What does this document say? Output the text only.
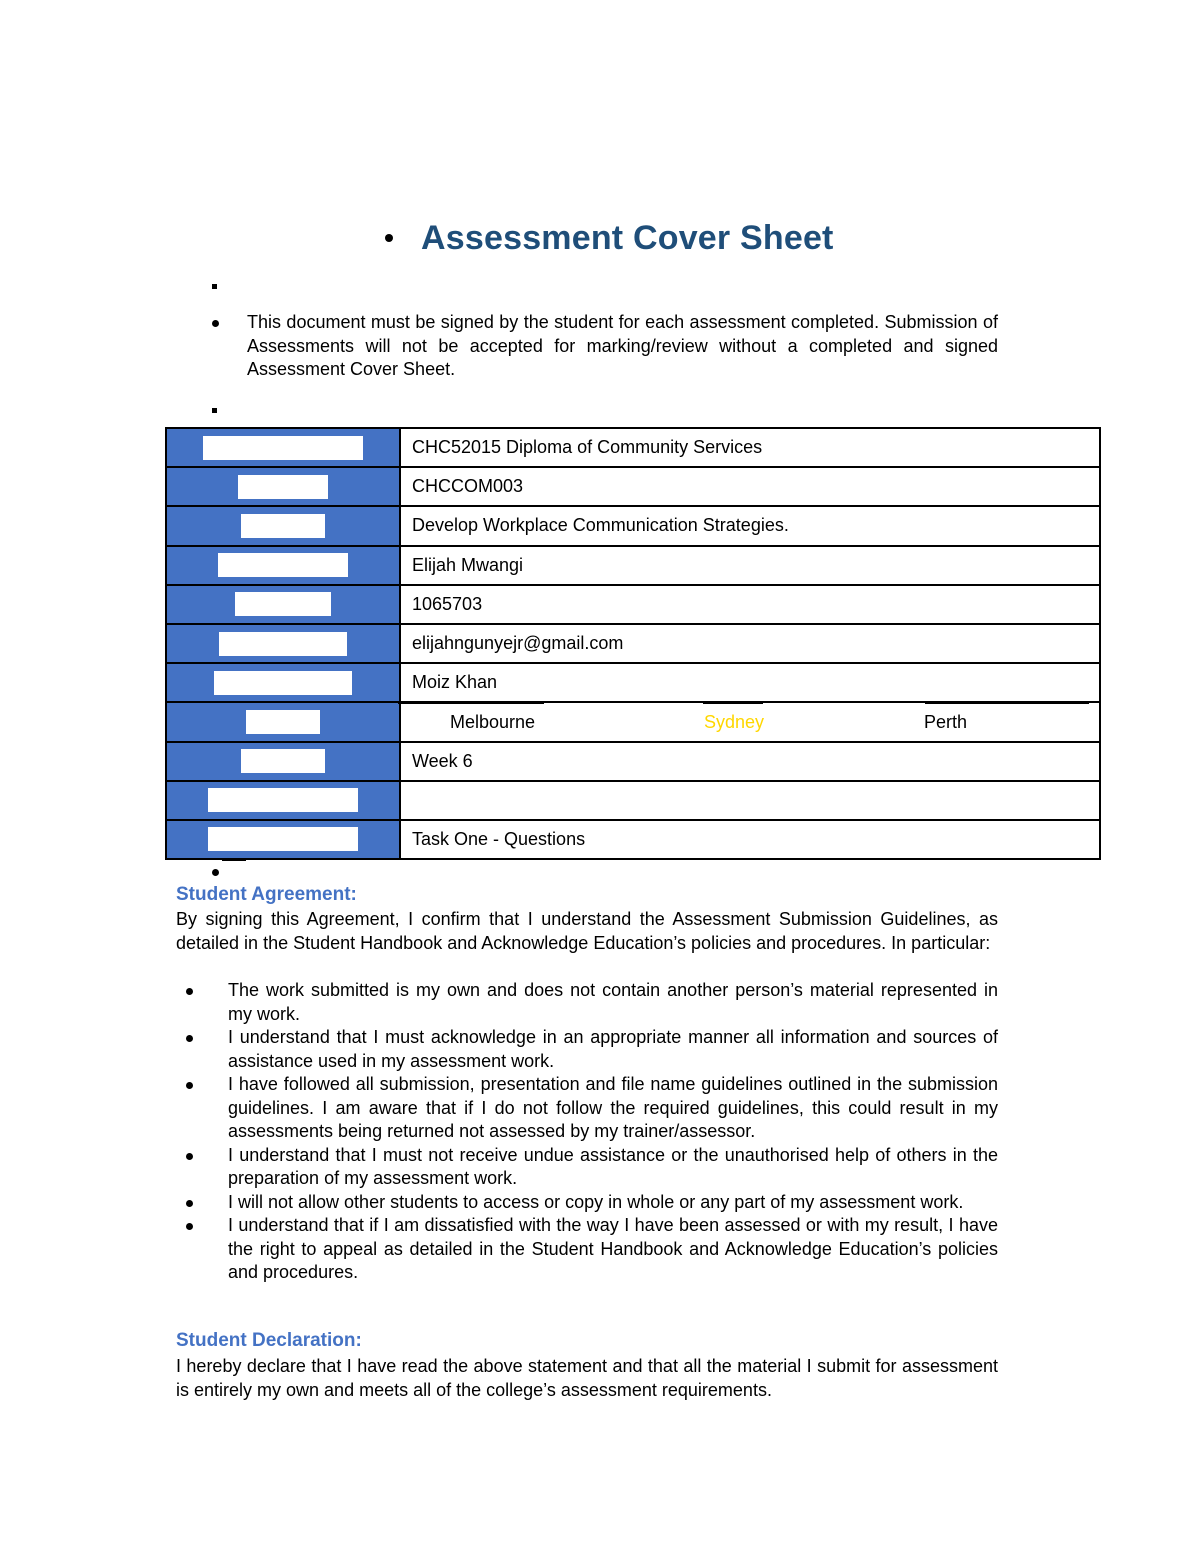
Assessment Cover Sheet

This document must be signed by the student for each assessment completed. Submission of Assessments will not be accepted for marking/review without a completed and signed Assessment Cover Sheet.

	CHC52015 Diploma of Community Services
	CHCCOM003
	Develop Workplace Communication Strategies.
	Elijah Mwangi
	1065703
	elijahngunyejr@gmail.com
	Moiz Khan

	Melbourne Sydney Perth

	Week 6

	Task One - Questions
Student Agreement:

By signing this Agreement, I confirm that I understand the Assessment Submission Guidelines, as detailed in the Student Handbook and Acknowledge Education’s policies and procedures. In particular:

The work submitted is my own and does not contain another person’s material represented in my work.
I understand that I must acknowledge in an appropriate manner all information and sources of assistance used in my assessment work.
I have followed all submission, presentation and file name guidelines outlined in the submission guidelines. I am aware that if I do not follow the required guidelines, this could result in my assessments being returned not assessed by my trainer/assessor.
I understand that I must not receive undue assistance or the unauthorised help of others in the preparation of my assessment work.
I will not allow other students to access or copy in whole or any part of my assessment work.
I understand that if I am dissatisfied with the way I have been assessed or with my result, I have the right to appeal as detailed in the Student Handbook and Acknowledge Education’s policies and procedures.
Student Declaration:

I hereby declare that I have read the above statement and that all the material I submit for assessment is entirely my own and meets all of the college’s assessment requirements.
